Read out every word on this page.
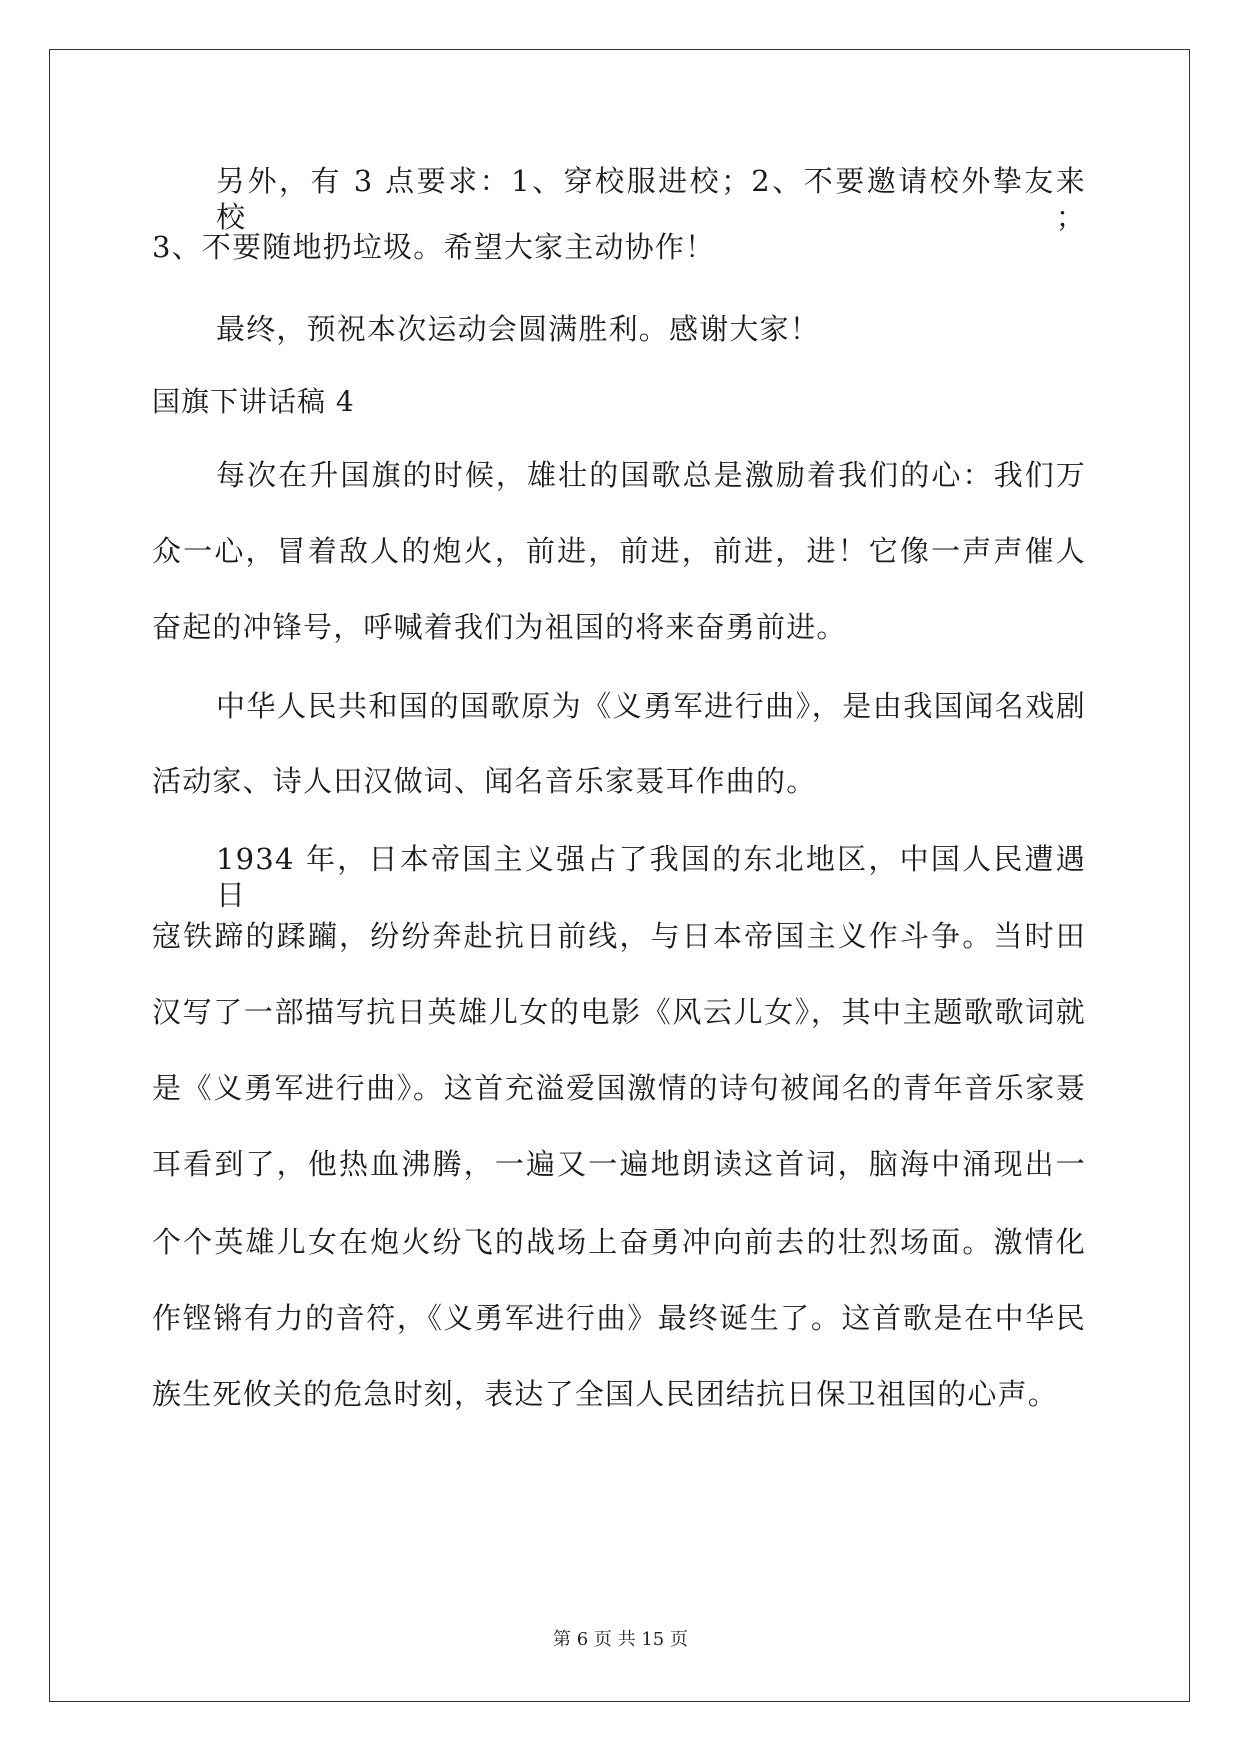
另外，有 3 点要求：1、穿校服进校；2、不要邀请校外挚友来校；
3、不要随地扔垃圾。希望大家主动协作！
最终，预祝本次运动会圆满胜利。感谢大家！
国旗下讲话稿 4
每次在升国旗的时候，雄壮的国歌总是激励着我们的心：我们万
众一心，冒着敌人的炮火，前进，前进，前进，进！它像一声声催人
奋起的冲锋号，呼喊着我们为祖国的将来奋勇前进。
中华人民共和国的国歌原为《义勇军进行曲》，是由我国闻名戏剧
活动家、诗人田汉做词、闻名音乐家聂耳作曲的。
1934 年，日本帝国主义强占了我国的东北地区，中国人民遭遇日
寇铁蹄的蹂躏，纷纷奔赴抗日前线，与日本帝国主义作斗争。当时田
汉写了一部描写抗日英雄儿女的电影《风云儿女》，其中主题歌歌词就
是《义勇军进行曲》。这首充溢爱国激情的诗句被闻名的青年音乐家聂
耳看到了，他热血沸腾，一遍又一遍地朗读这首词，脑海中涌现出一
个个英雄儿女在炮火纷飞的战场上奋勇冲向前去的壮烈场面。激情化
作铿锵有力的音符，《义勇军进行曲》最终诞生了。这首歌是在中华民
族生死攸关的危急时刻，表达了全国人民团结抗日保卫祖国的心声。
第 6 页 共 15 页
